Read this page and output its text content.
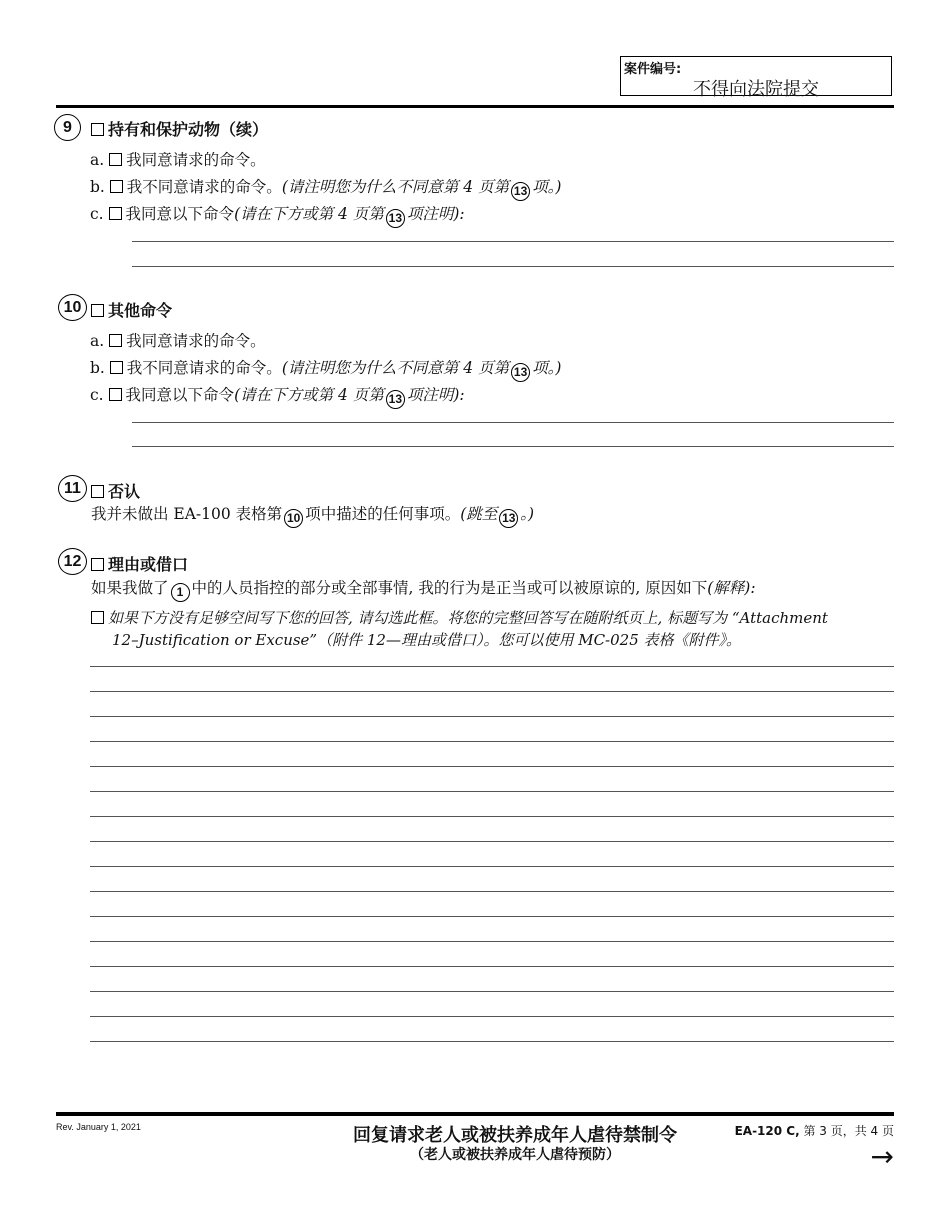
案件编号:
不得向法院提交
9	持有和保护动物（续）
a. 我同意请求的命令。
b. 我不同意请求的命令。(请注明您为什么不同意第 4 页第 13 项。)
c. 我同意以下命令(请在下方或第 4 页第 13 项注明):
10	其他命令
a. 我同意请求的命令。
b. 我不同意请求的命令。(请注明您为什么不同意第 4 页第 13 项。)
c. 我同意以下命令(请在下方或第 4 页第 13 项注明):
11	否认
我并未做出 EA-100 表格第 10 项中描述的任何事项。(跳至 13 。)
12	理由或借口
如果我做了 1 中的人员指控的部分或全部事情, 我的行为是正当或可以被原谅的, 原因如下(解释):
如果下方没有足够空间写下您的回答, 请勾选此框。将您的完整回答写在随附纸页上, 标题写为 “Attachment
12–Justification or Excuse”（附件 12—理由或借口）。您可以使用 MC-025 表格《附件》。
Rev. January 1, 2021	回复请求老人或被扶养成年人虐待禁制令
（老人或被扶养成年人虐待预防）
EA-120 C, 第 3 页，共 4 页
→
